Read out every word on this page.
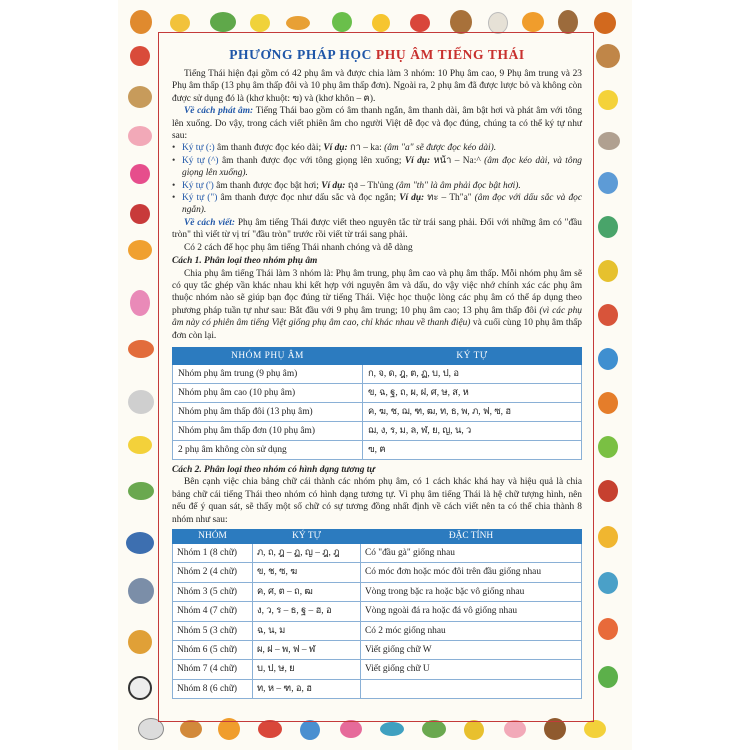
PHƯƠNG PHÁP HỌC PHỤ ÂM TIẾNG THÁI

Tiếng Thái hiện đại gồm có 42 phụ âm và được chia làm 3 nhóm: 10 Phụ âm cao, 9 Phụ âm trung và 23 Phụ âm thấp (13 phụ âm thấp đôi và 10 phụ âm thấp đơn). Ngoài ra, 2 phụ âm đã được lược bỏ và không còn được sử dụng đó là (khơ khuột: ฃ) và (khơ khôn – ฅ).

Về cách phát âm: Tiếng Thái bao gồm có âm thanh ngắn, âm thanh dài, âm bật hơi và phát âm với tông lên xuống. Do vậy, trong cách viết phiên âm cho người Việt dễ đọc và đọc đúng, chúng ta có thể ký tự như sau:

• Ký tự (:) âm thanh được đọc kéo dài; Ví dụ: กา – ka: (âm "a" sẽ được đọc kéo dài).

• Ký tự (^) âm thanh được đọc với tông giọng lên xuống; Ví dụ: หน้า – Na:^ (âm đọc kéo dài, và tông giọng lên xuống).

• Ký tự (') âm thanh được đọc bật hơi; Ví dụ: ถุง – Th'ủng (âm "th" là âm phải đọc bật hơi).

• Ký tự (") âm thanh được đọc như dấu sắc và đọc ngắn; Ví dụ: ทะ – Th"a" (âm đọc với dấu sắc và đọc ngắn).

Về cách viết: Phụ âm tiếng Thái được viết theo nguyên tắc từ trái sang phải. Đối với những âm có "đầu tròn" thì viết từ vị trí "đầu tròn" trước rồi viết từ trái sang phải.

Có 2 cách để học phụ âm tiếng Thái nhanh chóng và dễ dàng

Cách 1. Phân loại theo nhóm phụ âm

Chia phụ âm tiếng Thái làm 3 nhóm là: Phụ âm trung, phụ âm cao và phụ âm thấp. Mỗi nhóm phụ âm sẽ có quy tắc ghép vần khác nhau khi kết hợp với nguyên âm và dấu, do vậy việc nhớ chính xác các phụ âm thuộc nhóm nào sẽ giúp bạn đọc đúng từ tiếng Thái. Việc học thuộc lòng các phụ âm có thể áp dụng theo phương pháp tuần tự như sau: Bắt đầu với 9 phụ âm trung; 10 phụ âm cao; 13 phụ âm thấp đôi (vì các phụ âm này có phiên âm tiếng Việt giống phụ âm cao, chỉ khác nhau về thanh điệu) và cuối cùng 10 phụ âm thấp đơn còn lại.

NHÓM PHỤ ÂM	KÝ TỰ
Nhóm phụ âm trung (9 phụ âm)	ก, จ, ด, ฎ, ต, ฏ, บ, ป, อ
Nhóm phụ âm cao (10 phụ âm)	ข, ฉ, ฐ, ถ, ผ, ฝ, ศ, ษ, ส, ห
Nhóm phụ âm thấp đôi (13 phụ âm)	ค, ฆ, ช, ฌ, ฑ, ฒ, ท, ธ, พ, ภ, ฟ, ซ, ฮ
Nhóm phụ âm thấp đơn (10 phụ âm)	ฌ, ง, ร, ม, ล, ฬ, ย, ญ, น, ว
2 phụ âm không còn sử dụng	ฃ, ฅ

Cách 2. Phân loại theo nhóm có hình dạng tương tự

Bên cạnh việc chia bảng chữ cái thành các nhóm phụ âm, có 1 cách khác khá hay và hiệu quả là chia bảng chữ cái tiếng Thái theo nhóm có hình dạng tương tự. Vì phụ âm tiếng Thái là hệ chữ tượng hình, nên nếu để ý quan sát, sẽ thấy một số chữ có sự tương đồng nhất định về cách viết nên ta có thể chia thành 8 nhóm như sau:

NHÓM	KÝ TỰ	ĐẶC TÍNH
Nhóm 1 (8 chữ)	ภ, ถ, ฎ – ฏ, ญ – ฎ, ฎ	Có "đầu gà" giống nhau
Nhóm 2 (4 chữ)	ข, ช, ซ, ฆ	Có móc đơn hoặc móc đôi trên đầu giống nhau
Nhóm 3 (5 chữ)	ค, ศ, ต – ถ, ฒ	Vòng trong bặc ra hoặc bặc vô giống nhau
Nhóm 4 (7 chữ)	ง, ว, ร – ธ, ฐ – ฮ, อ	Vòng ngoài đá ra hoặc đá vô giống nhau
Nhóm 5 (3 chữ)	ฉ, น, ม	Có 2 móc giống nhau
Nhóm 6 (5 chữ)	ผ, ฝ – พ, ฟ – ฬ	Viết giống chữ W
Nhóm 7 (4 chữ)	บ, ป, ษ, ย	Viết giống chữ U
Nhóm 8 (6 chữ)	ท, ห – ฑ, อ, ฮ	
